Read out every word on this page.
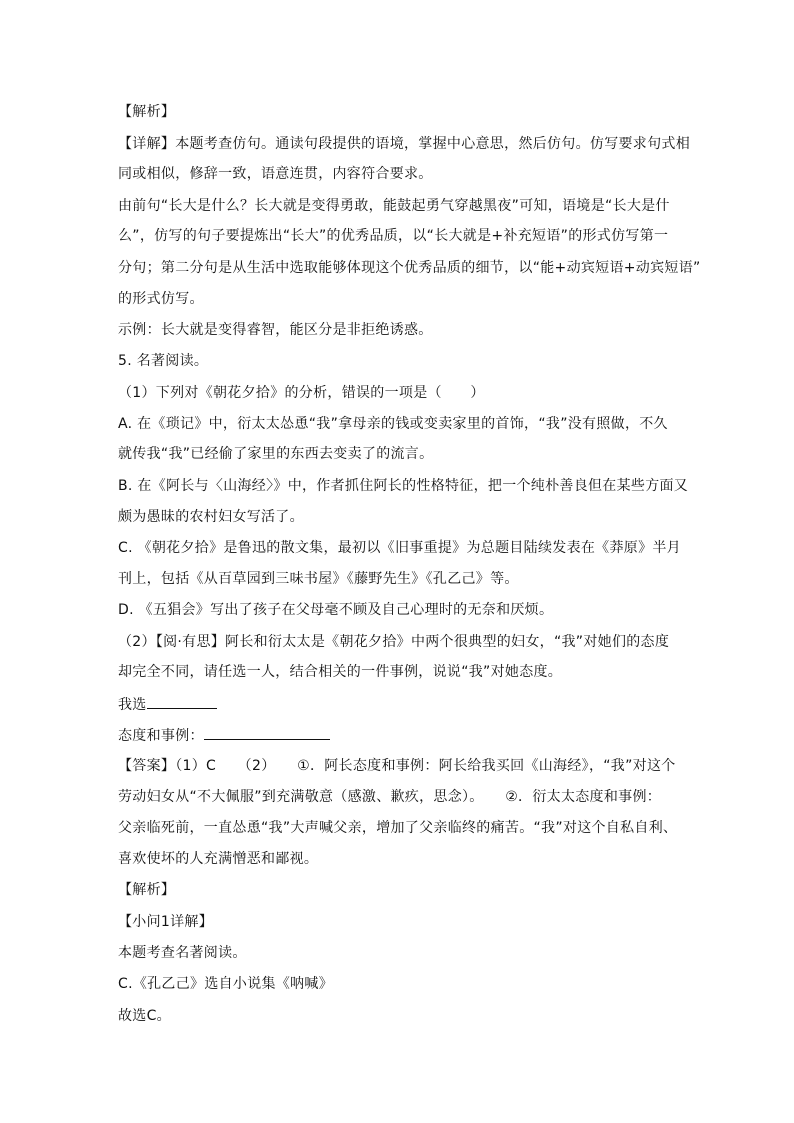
【解析】
【详解】本题考查仿句。通读句段提供的语境，掌握中心意思，然后仿句。仿写要求句式相
同或相似，修辞一致，语意连贯，内容符合要求。
由前句“长大是什么？长大就是变得勇敢，能鼓起勇气穿越黑夜”可知，语境是“长大是什
么”，仿写的句子要提炼出“长大”的优秀品质，以“长大就是+补充短语”的形式仿写第一
分句；第二分句是从生活中选取能够体现这个优秀品质的细节，以“能+动宾短语+动宾短语”
的形式仿写。
示例：长大就是变得睿智，能区分是非拒绝诱惑。
5. 名著阅读。
（1）下列对《朝花夕拾》的分析，错误的一项是（　　）
A. 在《琐记》中，衍太太怂恿“我”拿母亲的钱或变卖家里的首饰，“我”没有照做，不久
就传我“我”已经偷了家里的东西去变卖了的流言。
B. 在《阿长与〈山海经〉》中，作者抓住阿长的性格特征，把一个纯朴善良但在某些方面又
颇为愚昧的农村妇女写活了。
C. 《朝花夕拾》是鲁迅的散文集，最初以《旧事重提》为总题目陆续发表在《莽原》半月
刊上，包括《从百草园到三味书屋》《藤野先生》《孔乙己》等。
D. 《五猖会》写出了孩子在父母毫不顾及自己心理时的无奈和厌烦。
（2）【阅·有思】阿长和衍太太是《朝花夕拾》中两个很典型的妇女，“我”对她们的态度
却完全不同，请任选一人，结合相关的一件事例，说说“我”对她态度。
我选
态度和事例：
【答案】（1）C　　（2）　　①．阿长态度和事例：阿长给我买回《山海经》，“我”对这个
劳动妇女从“不大佩服”到充满敬意（感激、歉疚，思念）。　　②．衍太太态度和事例：
父亲临死前，一直怂恿“我”大声喊父亲，增加了父亲临终的痛苦。“我”对这个自私自利、
喜欢使坏的人充满憎恶和鄙视。
【解析】
【小问1详解】
本题考查名著阅读。
C.《孔乙己》选自小说集《呐喊》
故选C。
